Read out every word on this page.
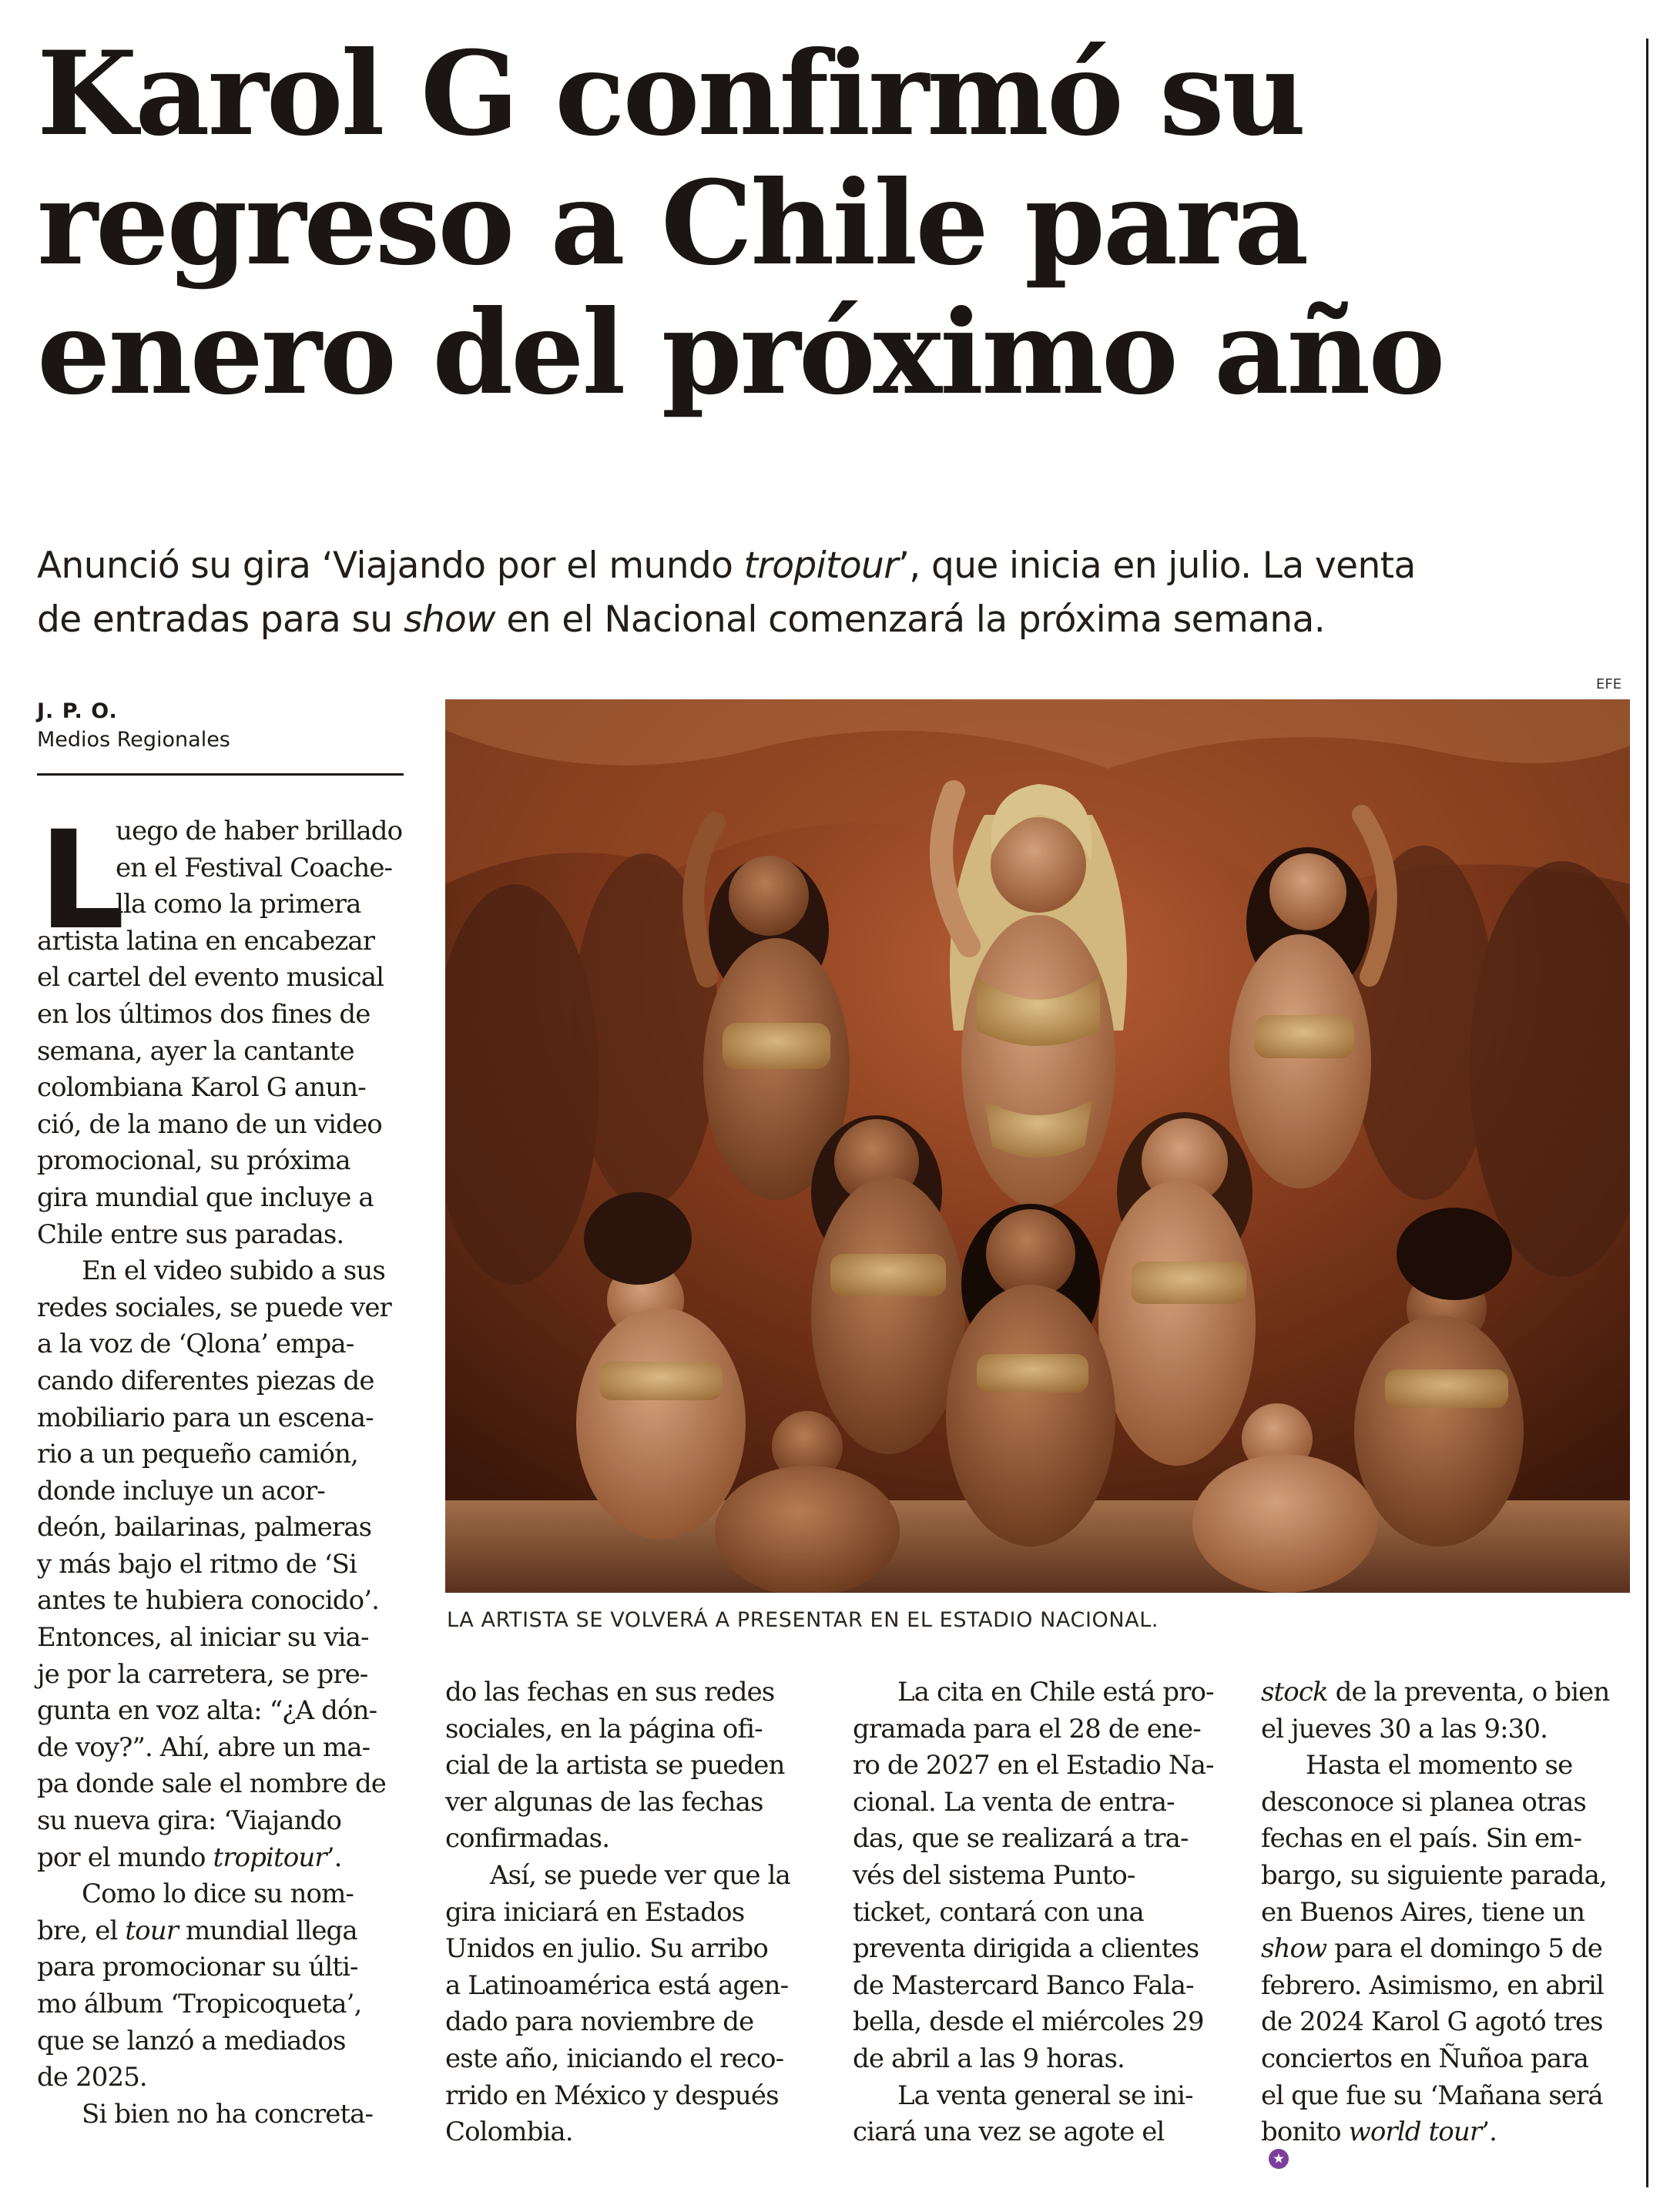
Karol G confirmó su
regreso a Chile para
enero del próximo año
Anunció su gira ‘Viajando por el mundo tropitour’, que inicia en julio. La venta
de entradas para su show en el Nacional comenzará la próxima semana.
EFE
J. P. O.
Medios Regionales
LA ARTISTA SE VOLVERÁ A PRESENTAR EN EL ESTADIO NACIONAL.
L
uego de haber brillado
en el Festival Coache-
lla como la primera
artista latina en encabezar
el cartel del evento musical
en los últimos dos fines de
semana, ayer la cantante
colombiana Karol G anun-
ció, de la mano de un video
promocional, su próxima
gira mundial que incluye a
Chile entre sus paradas.
En el video subido a sus
redes sociales, se puede ver
a la voz de ‘Qlona’ empa-
cando diferentes piezas de
mobiliario para un escena-
rio a un pequeño camión,
donde incluye un acor-
deón, bailarinas, palmeras
y más bajo el ritmo de ‘Si
antes te hubiera conocido’.
Entonces, al iniciar su via-
je por la carretera, se pre-
gunta en voz alta: “¿A dón-
de voy?”. Ahí, abre un ma-
pa donde sale el nombre de
su nueva gira: ‘Viajando
por el mundo tropitour’.
Como lo dice su nom-
bre, el tour mundial llega
para promocionar su últi-
mo álbum ‘Tropicoqueta’,
que se lanzó a mediados
de 2025.
Si bien no ha concreta-
do las fechas en sus redes
sociales, en la página ofi-
cial de la artista se pueden
ver algunas de las fechas
confirmadas.
Así, se puede ver que la
gira iniciará en Estados
Unidos en julio. Su arribo
a Latinoamérica está agen-
dado para noviembre de
este año, iniciando el reco-
rrido en México y después
Colombia.
La cita en Chile está pro-
gramada para el 28 de ene-
ro de 2027 en el Estadio Na-
cional. La venta de entra-
das, que se realizará a tra-
vés del sistema Punto-
ticket, contará con una
preventa dirigida a clientes
de Mastercard Banco Fala-
bella, desde el miércoles 29
de abril a las 9 horas.
La venta general se ini-
ciará una vez se agote el
stock de la preventa, o bien
el jueves 30 a las 9:30.
Hasta el momento se
desconoce si planea otras
fechas en el país. Sin em-
bargo, su siguiente parada,
en Buenos Aires, tiene un
show para el domingo 5 de
febrero. Asimismo, en abril
de 2024 Karol G agotó tres
conciertos en Ñuñoa para
el que fue su ‘Mañana será
bonito world tour’.
